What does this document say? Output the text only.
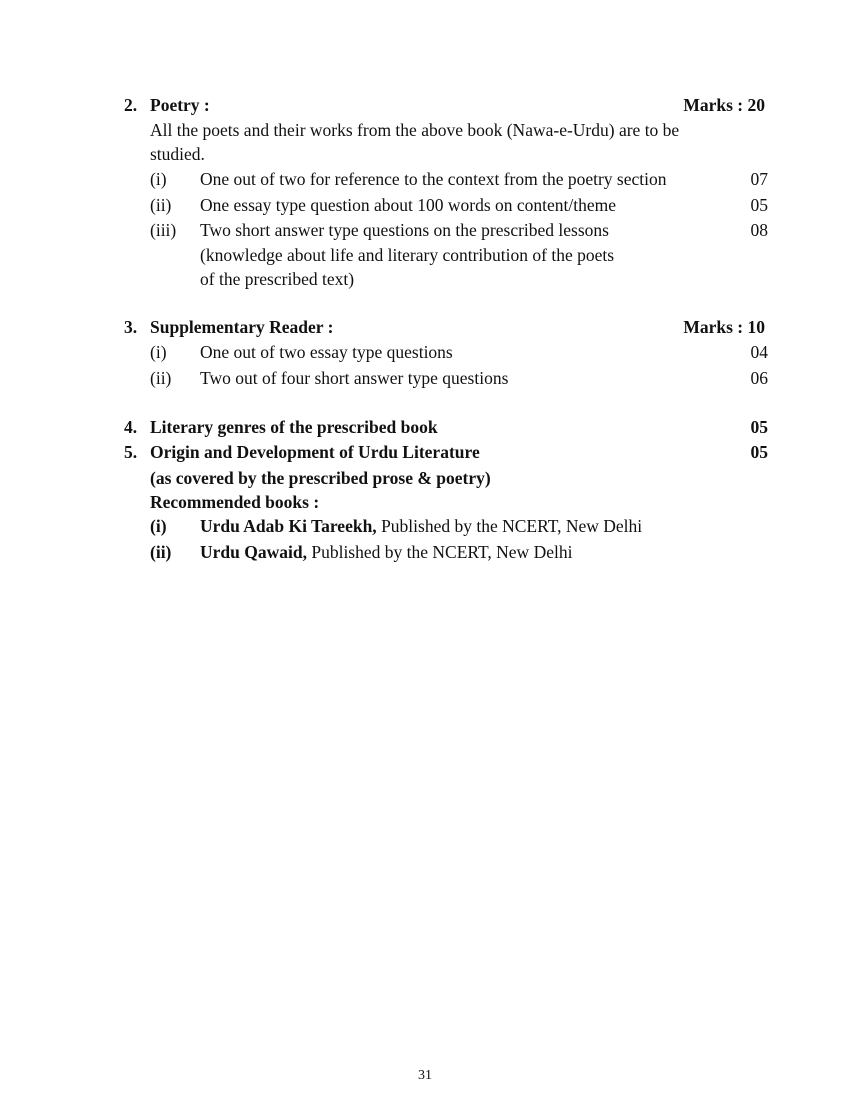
2. Poetry :	Marks : 20
All the poets and their works from the above book (Nawa-e-Urdu) are to be
studied.
(i) One out of two for reference to the context from the poetry section	07
(ii) One essay type question about 100 words on content/theme	05
(iii) Two short answer type questions on the prescribed lessons	08
(knowledge about life and literary contribution of the poets
of the prescribed text)
3. Supplementary Reader :	Marks : 10
(i) One out of two essay type questions	04
(ii) Two out of four short answer type questions	06
4. Literary genres of the prescribed book	05
5. Origin and Development of Urdu Literature	05
(as covered by the prescribed prose & poetry)
Recommended books :
(i) Urdu Adab Ki Tareekh, Published by the NCERT, New Delhi
(ii) Urdu Qawaid, Published by the NCERT, New Delhi
31
